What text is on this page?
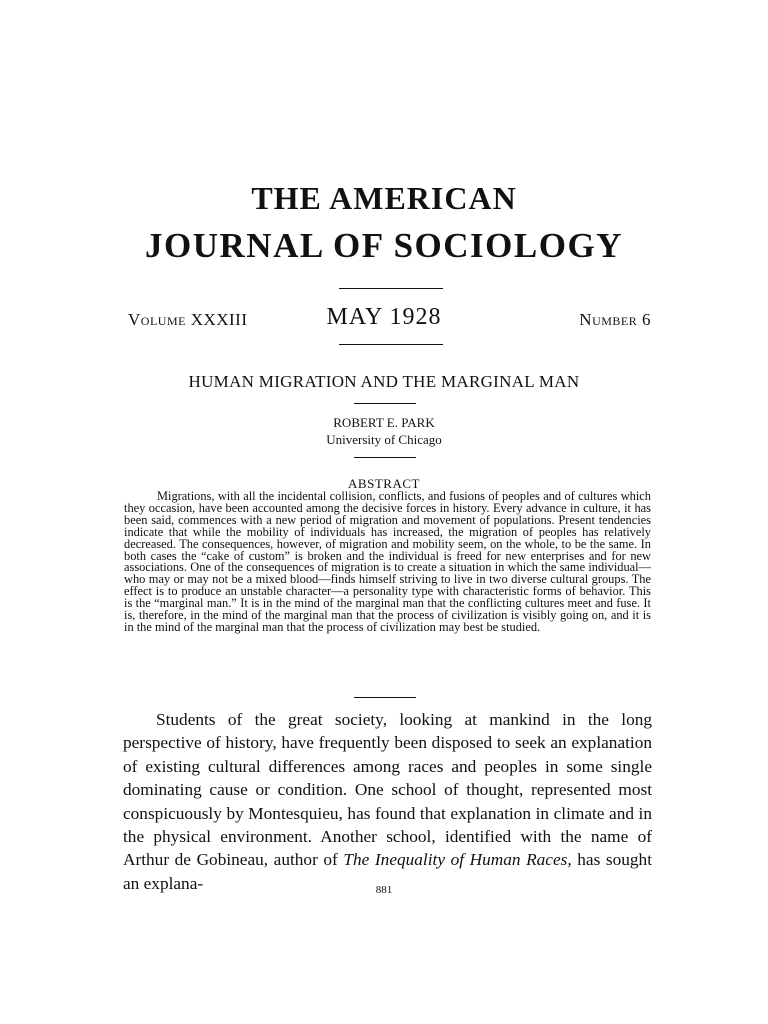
THE AMERICAN
JOURNAL OF SOCIOLOGY
Volume XXXIII	MAY 1928	Number 6
HUMAN MIGRATION AND THE MARGINAL MAN
ROBERT E. PARK
University of Chicago
ABSTRACT

Migrations, with all the incidental collision, conflicts, and fusions of peoples and of cultures which they occasion, have been accounted among the decisive forces in history. Every advance in culture, it has been said, commences with a new period of migration and movement of populations. Present tendencies indicate that while the mobility of individuals has increased, the migration of peoples has relatively decreased. The consequences, however, of migration and mobility seem, on the whole, to be the same. In both cases the “cake of custom” is broken and the individual is freed for new enterprises and for new associations. One of the consequences of migration is to create a situation in which the same individual—who may or may not be a mixed blood—finds himself striving to live in two diverse cultural groups. The effect is to produce an unstable character—a personality type with characteristic forms of behavior. This is the “marginal man.” It is in the mind of the marginal man that the conflicting cultures meet and fuse. It is, therefore, in the mind of the marginal man that the process of civilization is visibly going on, and it is in the mind of the marginal man that the process of civilization may best be studied.

Students of the great society, looking at mankind in the long perspective of history, have frequently been disposed to seek an explanation of existing cultural differences among races and peoples in some single dominating cause or condition. One school of thought, represented most conspicuously by Montesquieu, has found that explanation in climate and in the physical environment. Another school, identified with the name of Arthur de Gobineau, author of The Inequality of Human Races, has sought an explana-	881
